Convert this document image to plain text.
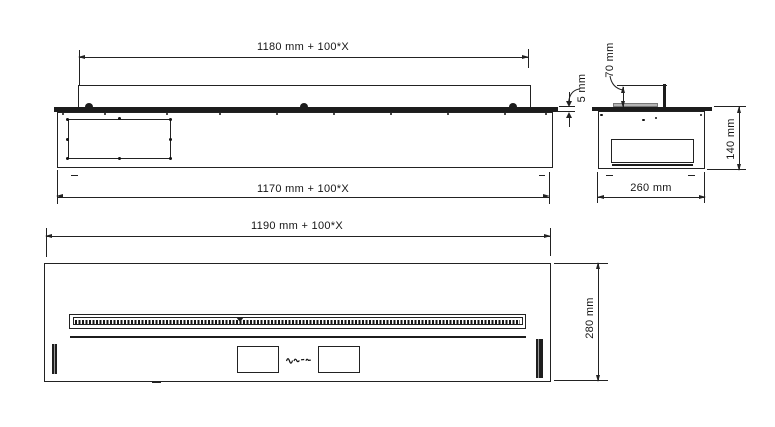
1180 mm + 100*X
1170 mm + 100*X
5 mm
70 mm
140 mm
260 mm
1190 mm + 100*X
280 mm
